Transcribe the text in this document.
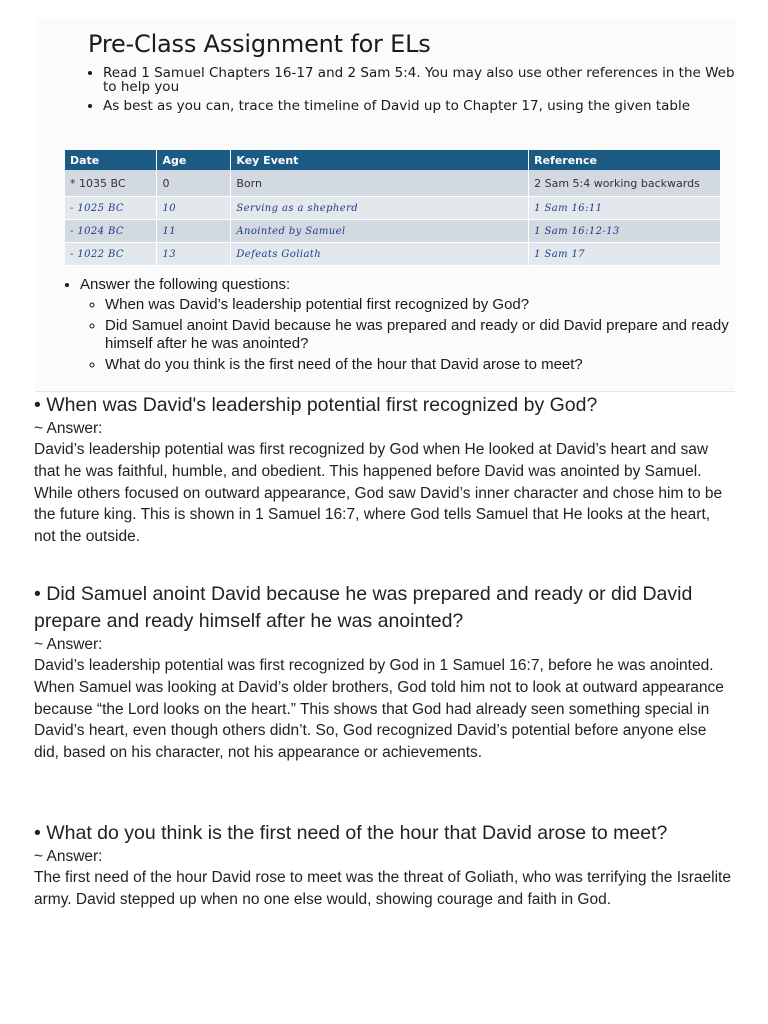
Pre-Class Assignment for ELs
• Read 1 Samuel Chapters 16-17 and 2 Sam 5:4. You may also use other references in the Web to help you
• As best as you can, trace the timeline of David up to Chapter 17, using the given table
Date	Age	Key Event	Reference
* 1035 BC	0	Born	2 Sam 5:4 working backwards
- 1025 BC	10	Serving as a shepherd	1 Sam 16:11
- 1024 BC	11	Anointed by Samuel	1 Sam 16:12-13
- 1022 BC	13	Defeats Goliath	1 Sam 17
• Answer the following questions:
◦ When was David’s leadership potential first recognized by God?
◦ Did Samuel anoint David because he was prepared and ready or did David prepare and ready himself after he was anointed?
◦ What do you think is the first need of the hour that David arose to meet?

• When was David's leadership potential first recognized by God?

~ Answer:

David’s leadership potential was first recognized by God when He looked at David’s heart and saw that he was faithful, humble, and obedient. This happened before David was anointed by Samuel. While others focused on outward appearance, God saw David’s inner character and chose him to be the future king. This is shown in 1 Samuel 16:7, where God tells Samuel that He looks at the heart, not the outside.

• Did Samuel anoint David because he was prepared and ready or did David prepare and ready himself after he was anointed?

~ Answer:

David’s leadership potential was first recognized by God in 1 Samuel 16:7, before he was anointed. When Samuel was looking at David’s older brothers, God told him not to look at outward appearance because “the Lord looks on the heart.” This shows that God had already seen something special in David’s heart, even though others didn’t. So, God recognized David’s potential before anyone else did, based on his character, not his appearance or achievements.

• What do you think is the first need of the hour that David arose to meet?

~ Answer:

The first need of the hour David rose to meet was the threat of Goliath, who was terrifying the Israelite army. David stepped up when no one else would, showing courage and faith in God.
